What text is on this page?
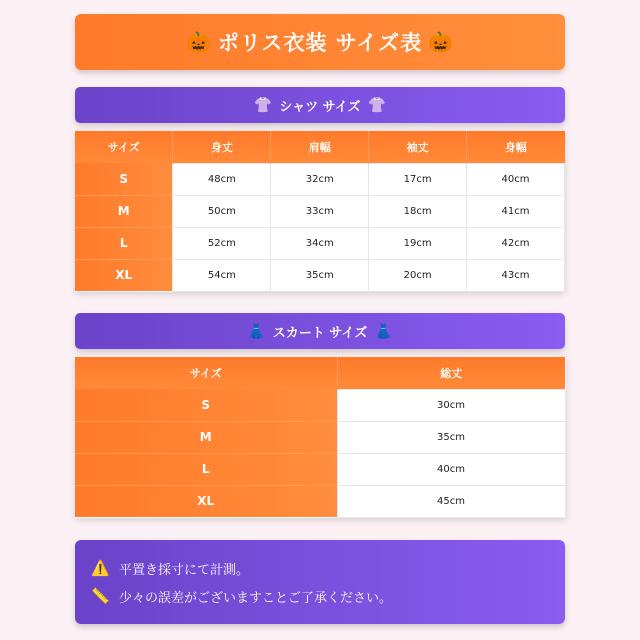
🎃 ポリス衣装 サイズ表 🎃
👚 シャツ サイズ 👚
サイズ	身丈	肩幅	袖丈	身幅
S	48cm	32cm	17cm	40cm
M	50cm	33cm	18cm	41cm
L	52cm	34cm	19cm	42cm
XL	54cm	35cm	20cm	43cm
👗 スカート サイズ 👗
サイズ	総丈
S	30cm
M	35cm
L	40cm
XL	45cm
⚠️ 平置き採寸にて計測。
📏 少々の誤差がございますことご了承ください。
